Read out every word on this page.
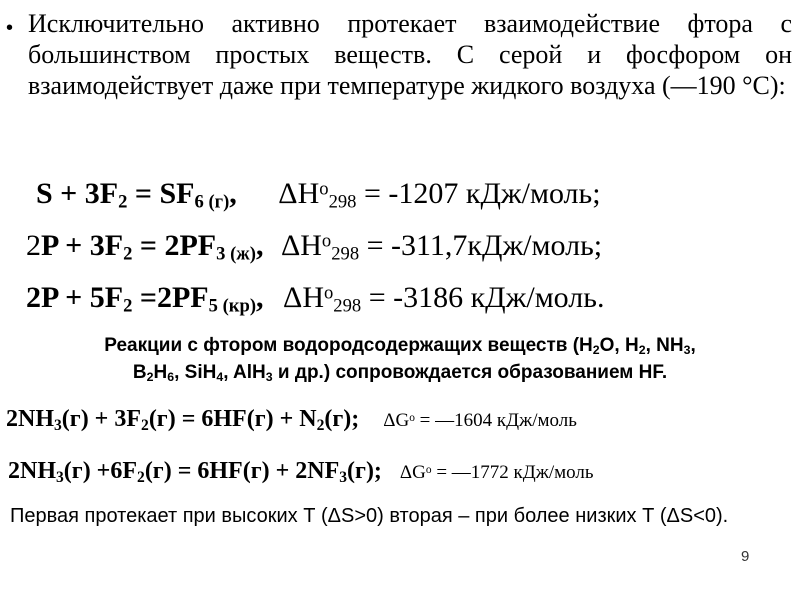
• Исключительно активно протекает взаимодействие фтора с большинством простых веществ. С серой и фосфором он взаимодействует даже при температуре жидкого воздуха (—190 °С):
$S + 3F_2 = SF_{6 (г)}$, $\Delta H^o_{298} = -1207$ кДж/моль;
$2P + 3F_2 = 2PF_{3 (ж)}$, $\Delta H^o_{298}$ = -311,7кДж/моль;
$2P + 5F_2 =2PF_{5 (кр)}$, $\Delta H^o_{298} = -3186$ кДж/моль.
Реакции с фтором водородсодержащих веществ ($H_2O$, $H_2$, $NH_3$,
$B_2H_6$, SiH$_4$, AlH$_3$ и др.) сопровождается образованием HF.
$2NH_3(г) + 3F_2(г) = 6HF(г) + N_2(г)$; $\Delta G^o$ = —1604 кДж/моль
$2NH_3(г) +6F_2(г) = 6HF(г) + 2NF_3(г)$; $\Delta G^o$ = —1772 кДж/моль
Первая протекает при высоких Т (ΔS>0) вторая – при более низких Т (ΔS<0).
9
